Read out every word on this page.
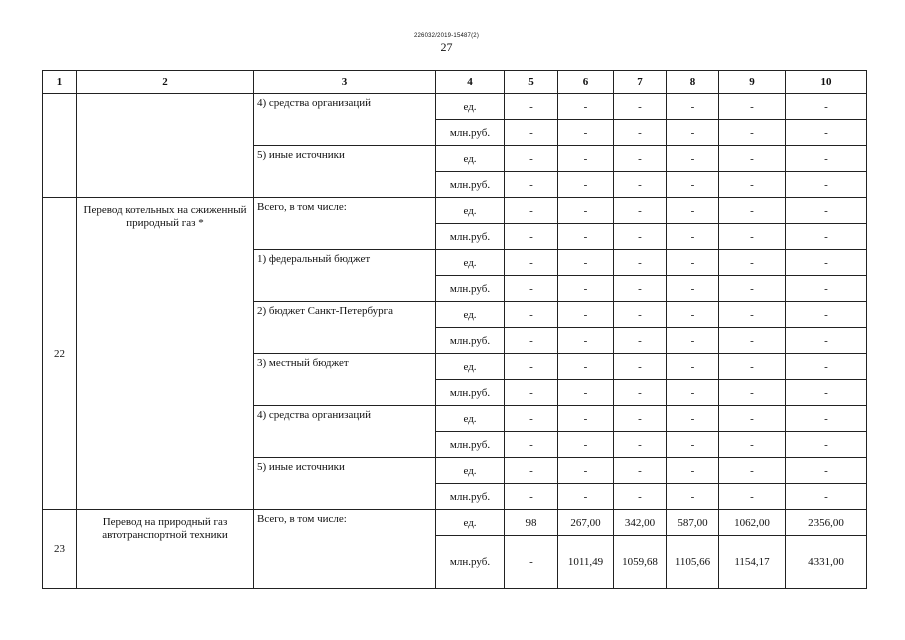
226032/2019-15487(2)
27
1	2	3	4	5	6	7	8	9	10
		4) средства организаций	ед.	-	-	-	-	-	-
			млн.руб.	-	-	-	-	-	-
		5) иные источники	ед.	-	-	-	-	-	-
			млн.руб.	-	-	-	-	-	-
22	Перевод котельных на сжиженный природный газ *	Всего, в том числе:	ед.	-	-	-	-	-	-
			млн.руб.	-	-	-	-	-	-
		1) федеральный бюджет	ед.	-	-	-	-	-	-
			млн.руб.	-	-	-	-	-	-
		2) бюджет Санкт-Петербурга	ед.	-	-	-	-	-	-
			млн.руб.	-	-	-	-	-	-
		3) местный бюджет	ед.	-	-	-	-	-	-
			млн.руб.	-	-	-	-	-	-
		4) средства организаций	ед.	-	-	-	-	-	-
			млн.руб.	-	-	-	-	-	-
		5) иные источники	ед.	-	-	-	-	-	-
			млн.руб.	-	-	-	-	-	-
23	Перевод на природный газ автотранспортной техники	Всего, в том числе:	ед.	98	267,00	342,00	587,00	1062,00	2356,00
			млн.руб.	-	1011,49	1059,68	1105,66	1154,17	4331,00
